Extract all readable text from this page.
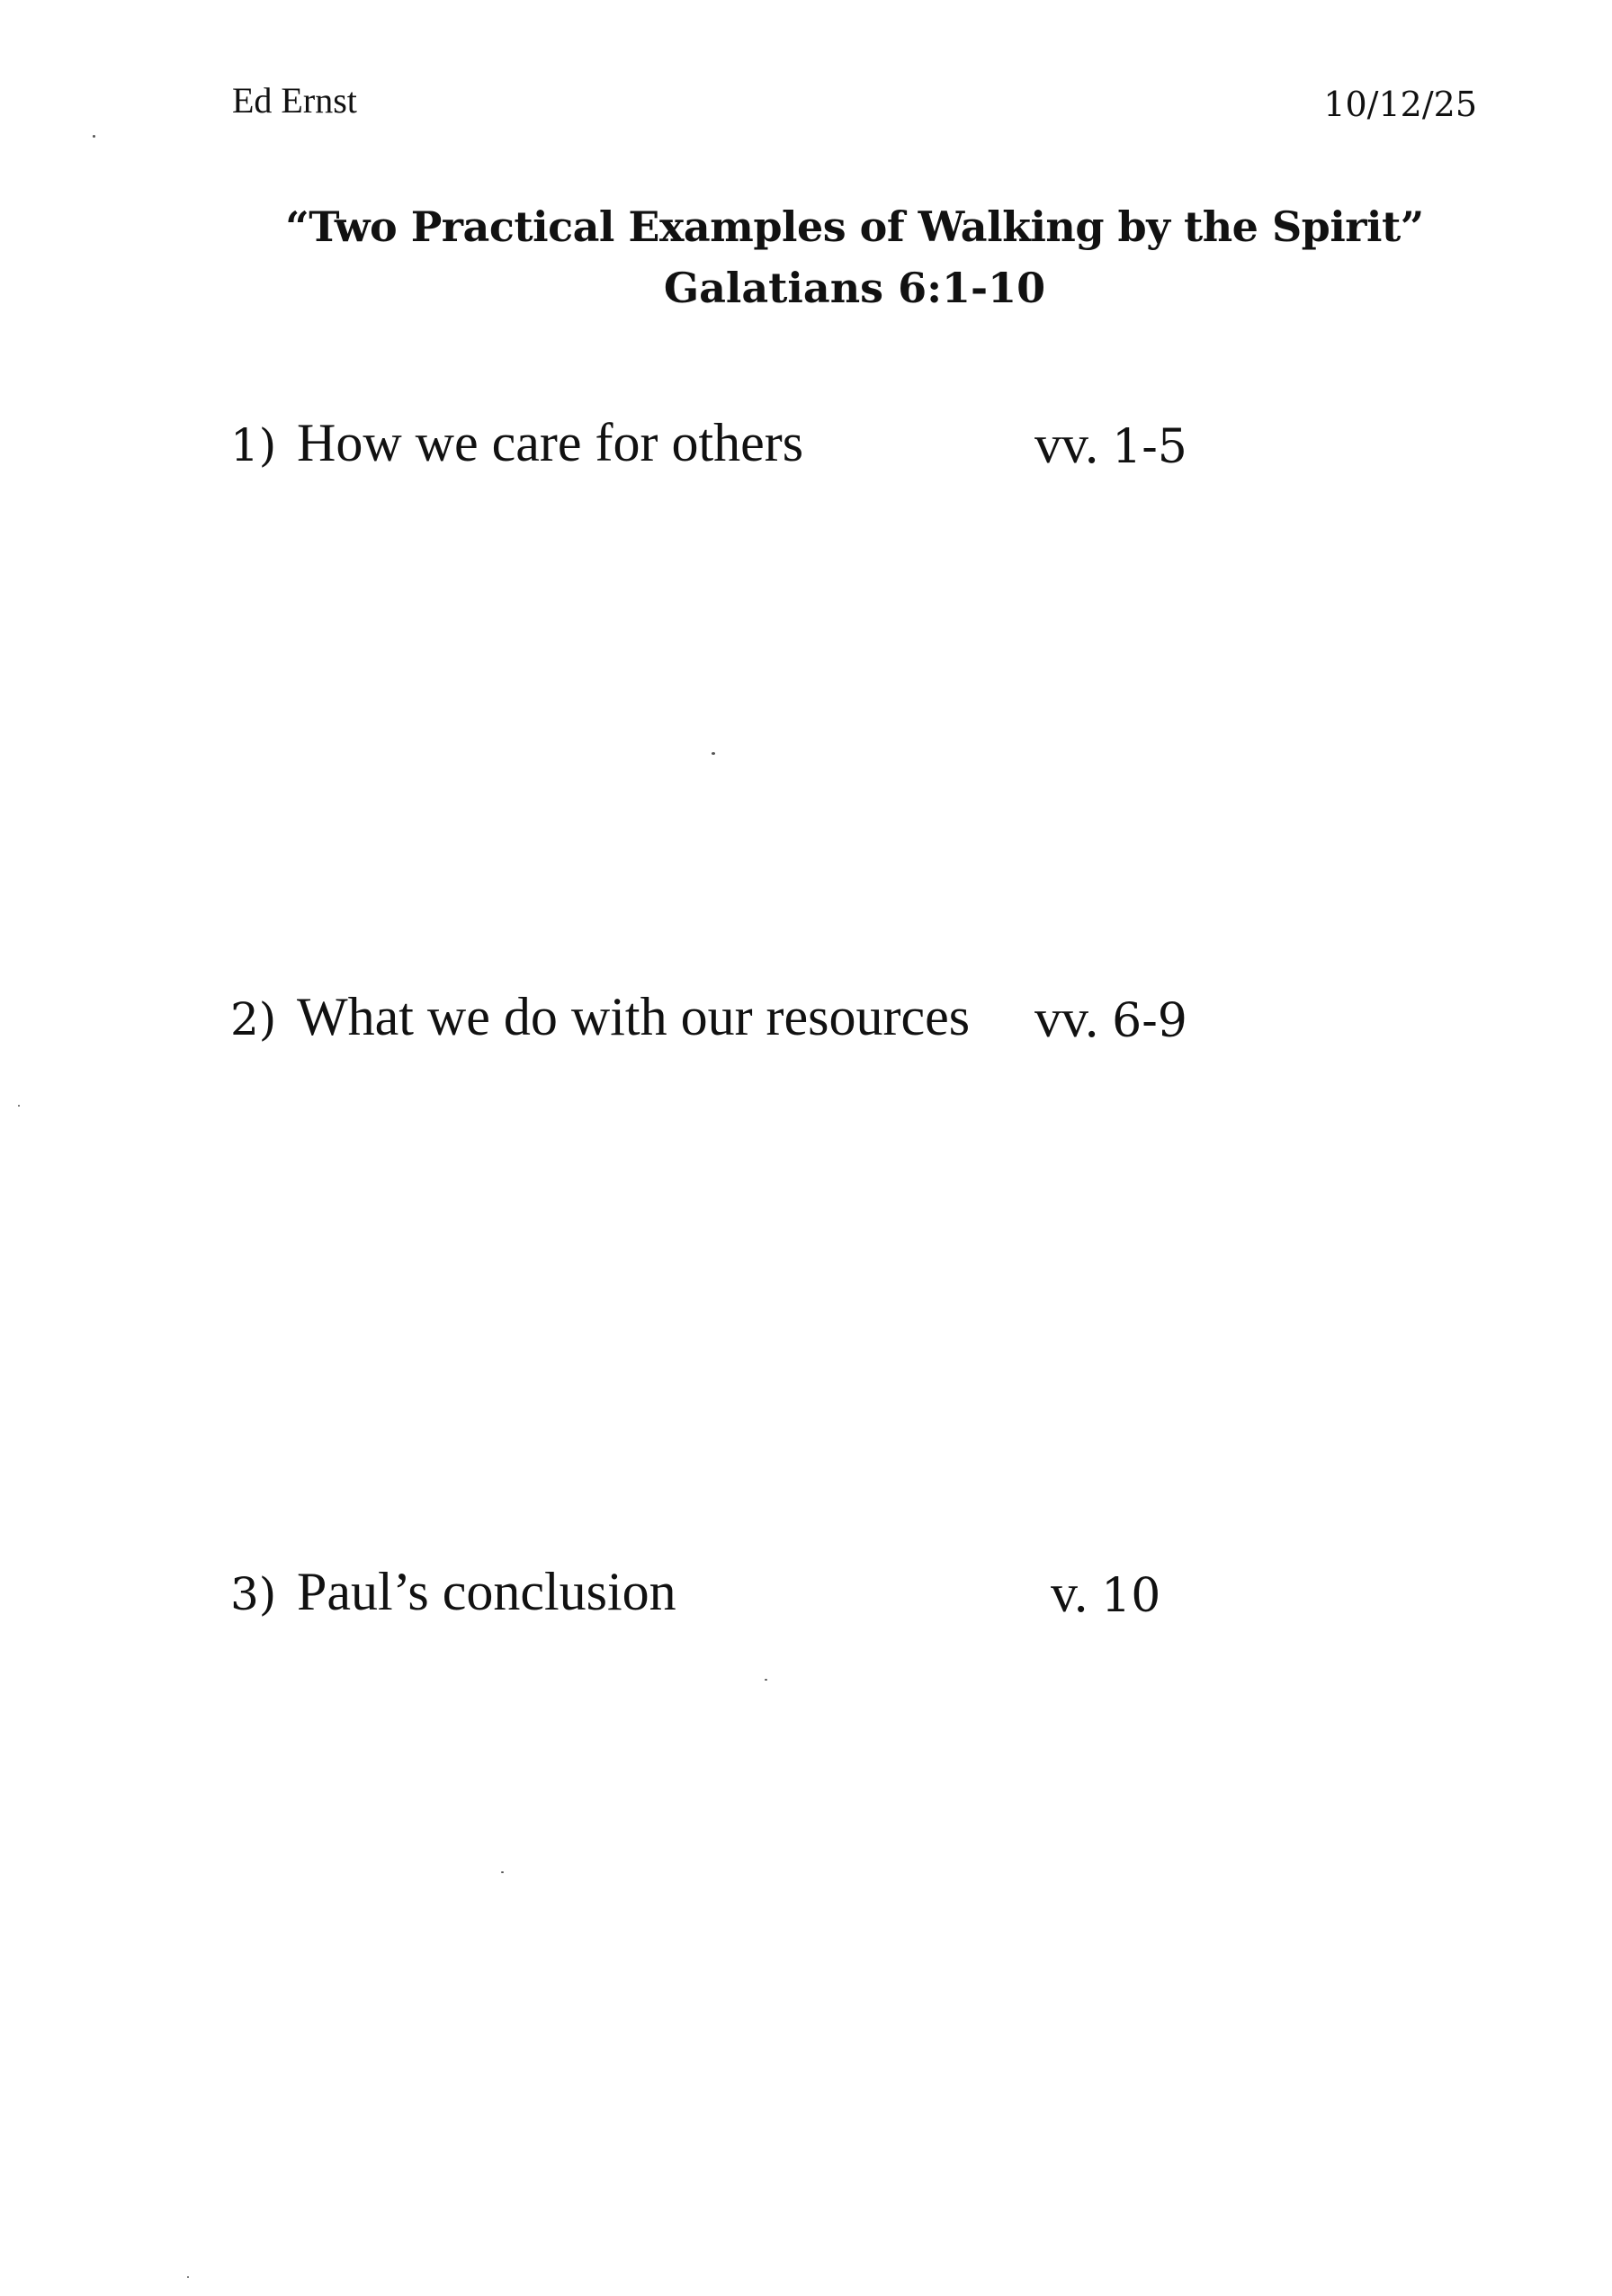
Ed Ernst	10/12/25
“Two Practical Examples of Walking by the Spirit”
Galatians 6:1-10
1) How we care for others	vv. 1-5
2) What we do with our resources vv. 6-9
3) Paul’s conclusion	v. 10
